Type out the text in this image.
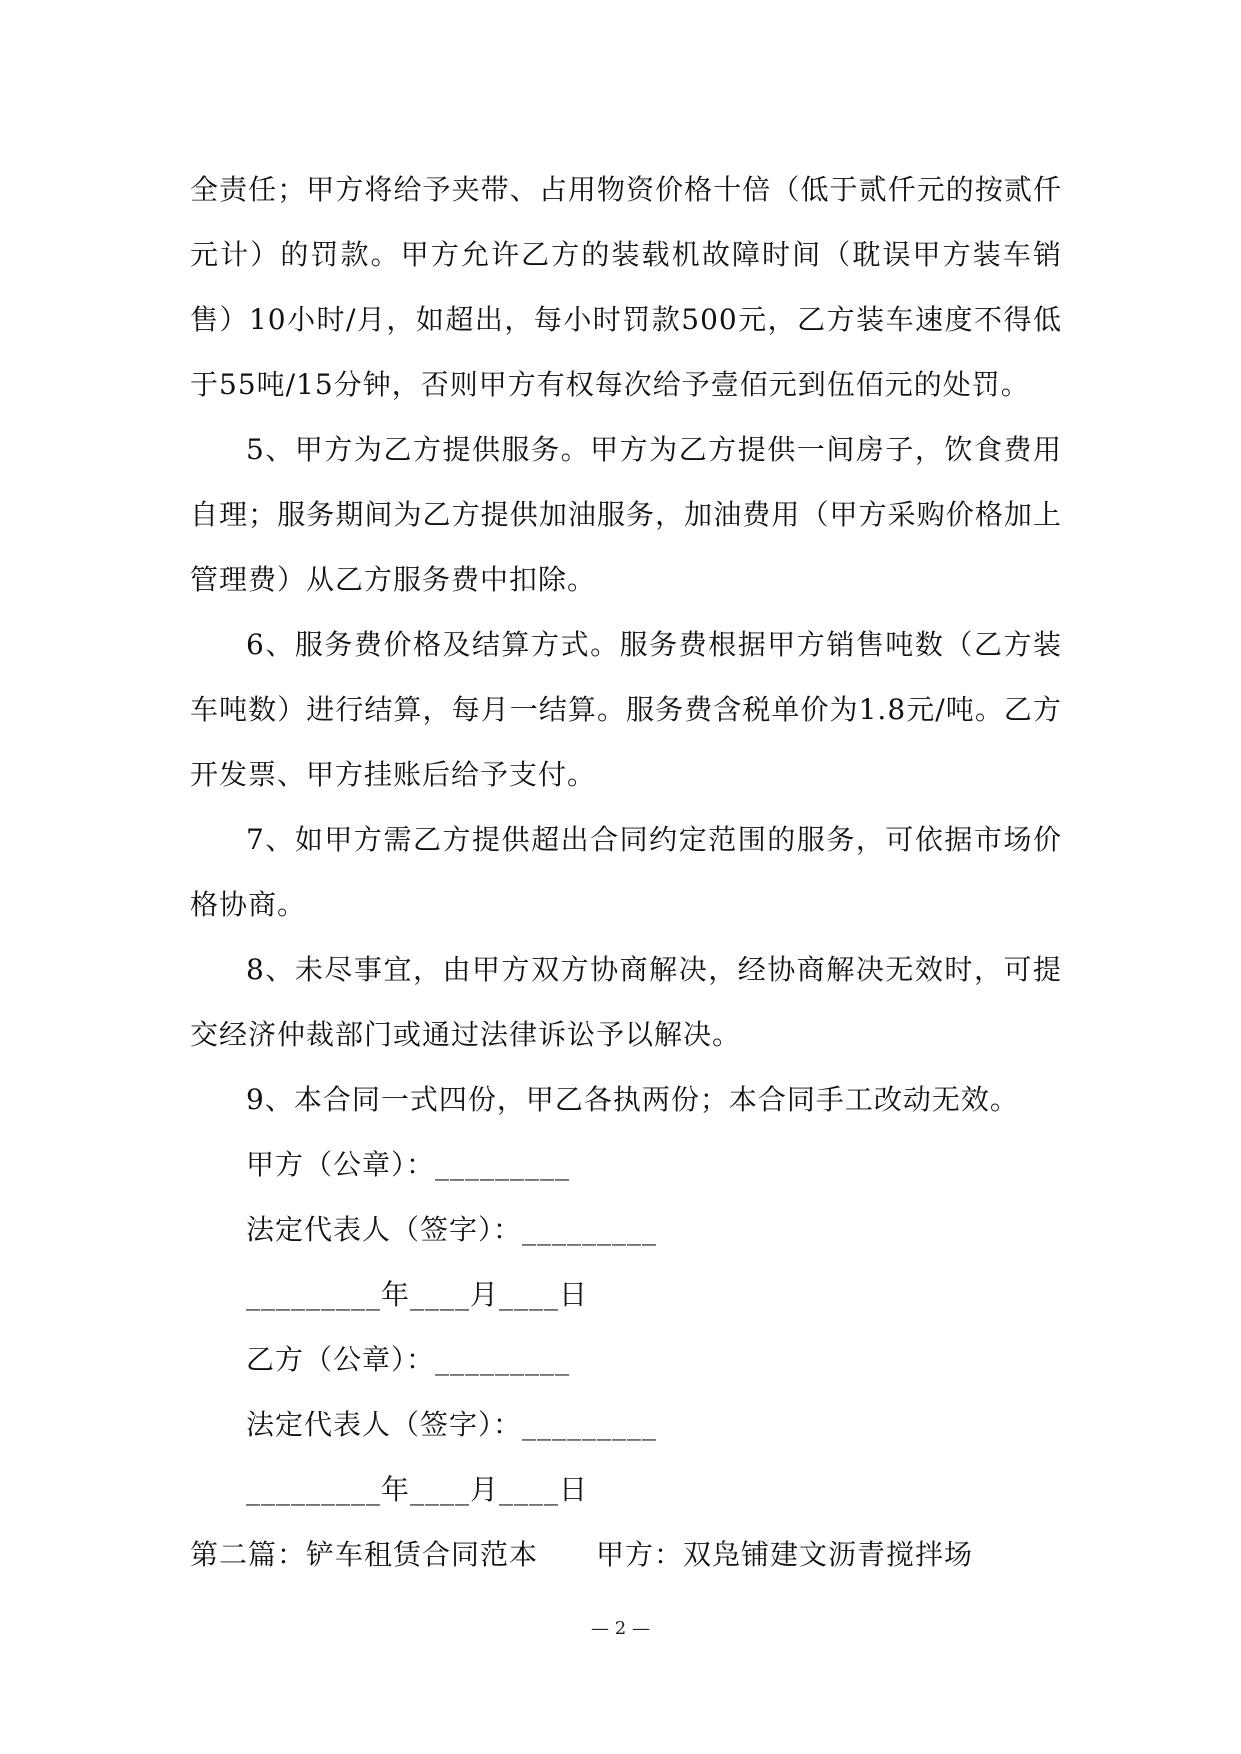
全责任；甲方将给予夹带、占用物资价格十倍（低于贰仟元的按贰仟元计）的罚款。甲方允许乙方的装载机故障时间（耽误甲方装车销售）10小时/月，如超出，每小时罚款500元，乙方装车速度不得低于55吨/15分钟，否则甲方有权每次给予壹佰元到伍佰元的处罚。

5、甲方为乙方提供服务。甲方为乙方提供一间房子，饮食费用自理；服务期间为乙方提供加油服务，加油费用（甲方采购价格加上管理费）从乙方服务费中扣除。

6、服务费价格及结算方式。服务费根据甲方销售吨数（乙方装车吨数）进行结算，每月一结算。服务费含税单价为1.8元/吨。乙方开发票、甲方挂账后给予支付。

7、如甲方需乙方提供超出合同约定范围的服务，可依据市场价格协商。

8、未尽事宜，由甲方双方协商解决，经协商解决无效时，可提交经济仲裁部门或通过法律诉讼予以解决。

9、本合同一式四份，甲乙各执两份；本合同手工改动无效。

甲方（公章）：_________

法定代表人（签字）：_________

_________年____月____日

乙方（公章）：_________

法定代表人（签字）：_________

_________年____月____日

第二篇：铲车租赁合同范本　　甲方：双凫铺建文沥青搅拌场

— 2 —
